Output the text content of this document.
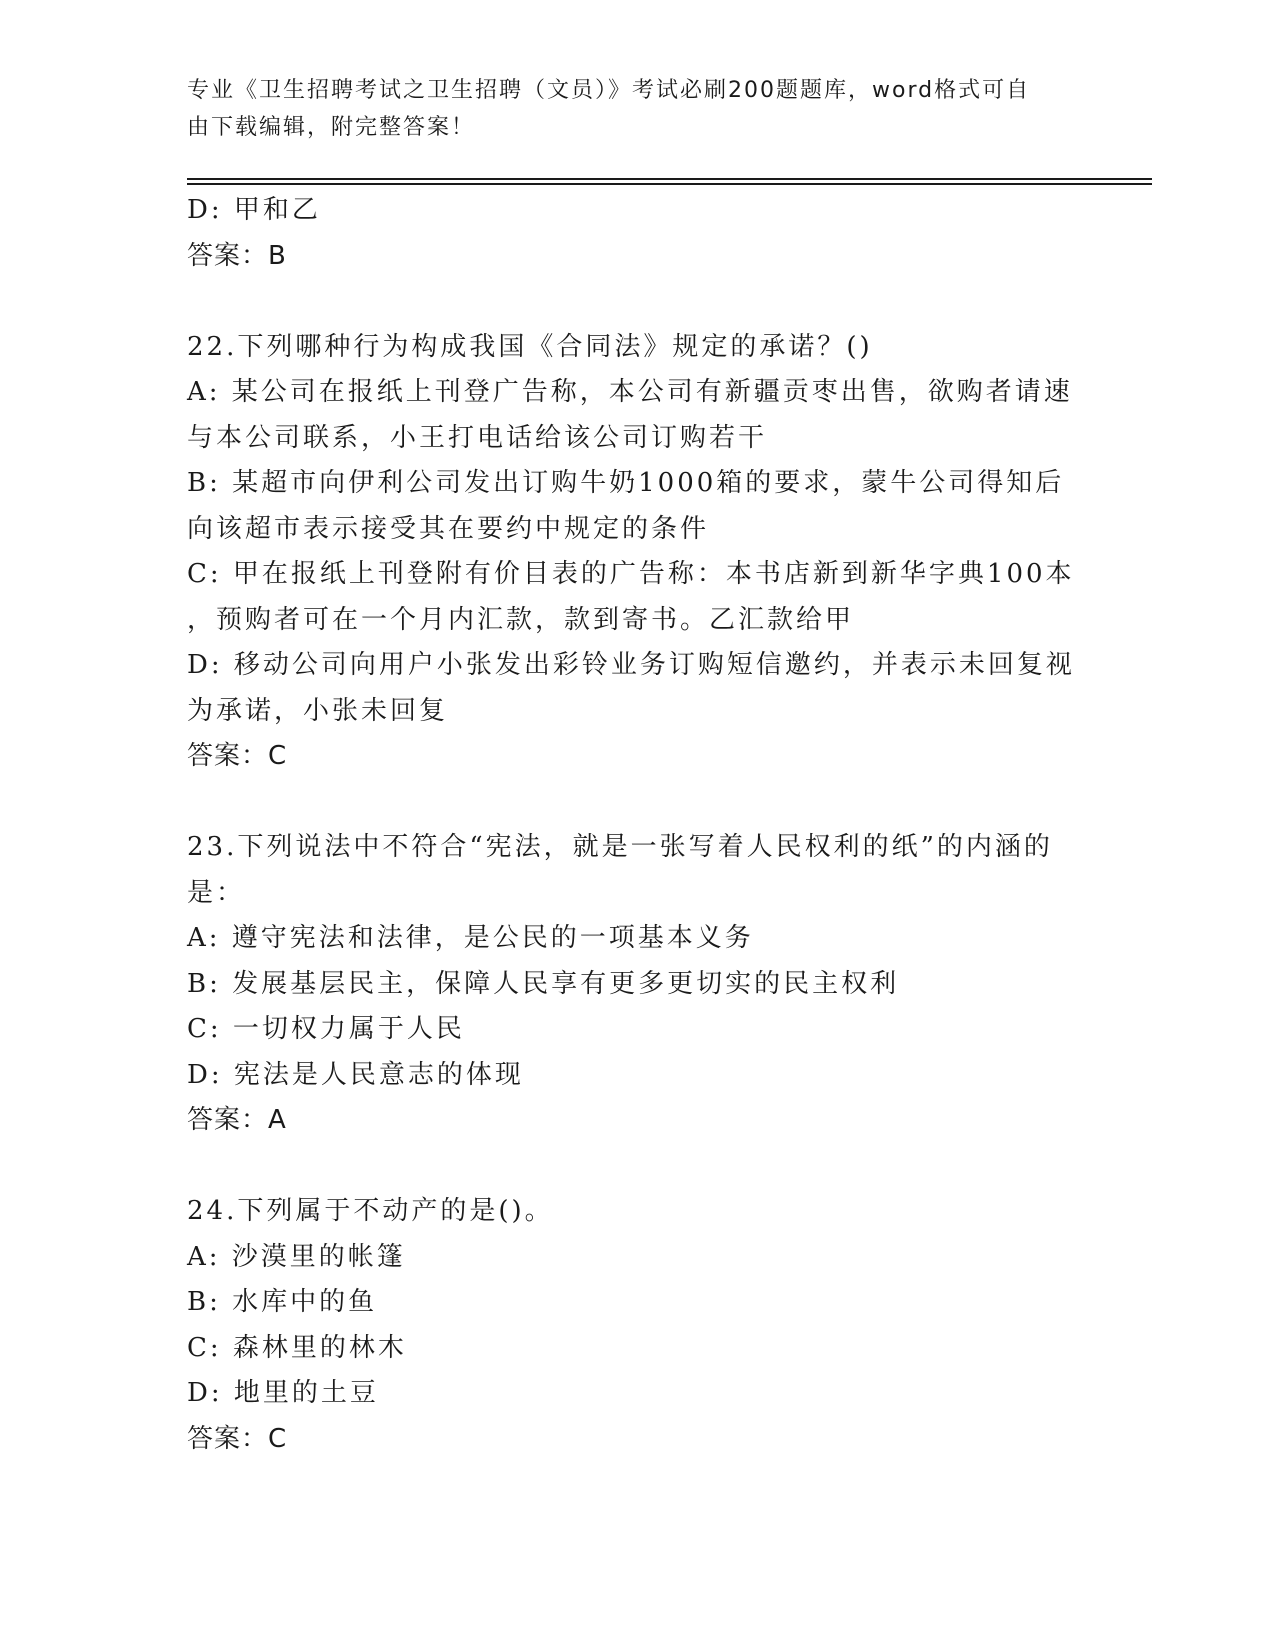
专业《卫生招聘考试之卫生招聘（文员）》考试必刷200题题库，word格式可自
由下载编辑，附完整答案！
D: 甲和乙
答案：B
22.下列哪种行为构成我国《合同法》规定的承诺？()
A: 某公司在报纸上刊登广告称，本公司有新疆贡枣出售，欲购者请速
与本公司联系，小王打电话给该公司订购若干
B: 某超市向伊利公司发出订购牛奶1000箱的要求，蒙牛公司得知后
向该超市表示接受其在要约中规定的条件
C: 甲在报纸上刊登附有价目表的广告称：本书店新到新华字典100本
，预购者可在一个月内汇款，款到寄书。乙汇款给甲
D: 移动公司向用户小张发出彩铃业务订购短信邀约，并表示未回复视
为承诺，小张未回复
答案：C
23.下列说法中不符合“宪法，就是一张写着人民权利的纸”的内涵的
是：
A: 遵守宪法和法律，是公民的一项基本义务
B: 发展基层民主，保障人民享有更多更切实的民主权利
C: 一切权力属于人民
D: 宪法是人民意志的体现
答案：A
24.下列属于不动产的是()。
A: 沙漠里的帐篷
B: 水库中的鱼
C: 森林里的林木
D: 地里的土豆
答案：C
